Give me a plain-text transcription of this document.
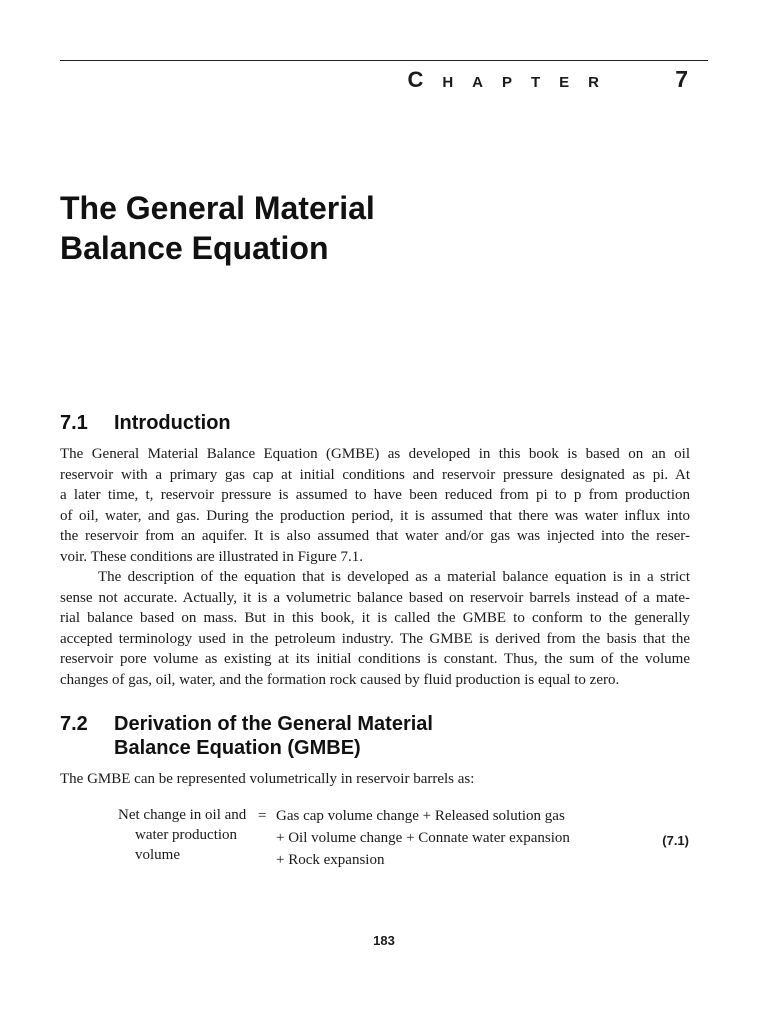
CHAPTER 7
The General Material
Balance Equation
7.1 Introduction

The General Material Balance Equation (GMBE) as developed in this book is based on an oil
reservoir with a primary gas cap at initial conditions and reservoir pressure designated as pi. At
a later time, t, reservoir pressure is assumed to have been reduced from pi to p from production
of oil, water, and gas. During the production period, it is assumed that there was water influx into
the reservoir from an aquifer. It is also assumed that water and/or gas was injected into the reser-
voir. These conditions are illustrated in Figure 7.1.

The description of the equation that is developed as a material balance equation is in a strict
sense not accurate. Actually, it is a volumetric balance based on reservoir barrels instead of a mate-
rial balance based on mass. But in this book, it is called the GMBE to conform to the generally
accepted terminology used in the petroleum industry. The GMBE is derived from the basis that the
reservoir pore volume as existing at its initial conditions is constant. Thus, the sum of the volume
changes of gas, oil, water, and the formation rock caused by fluid production is equal to zero.

7.2 Derivation of the General Material
Balance Equation (GMBE)

The GMBE can be represented volumetrically in reservoir barrels as:

Net change in oil and
water production
volume
= Gas cap volume change + Released solution gas
+ Oil volume change + Connate water expansion
+ Rock expansion
(7.1)
183
